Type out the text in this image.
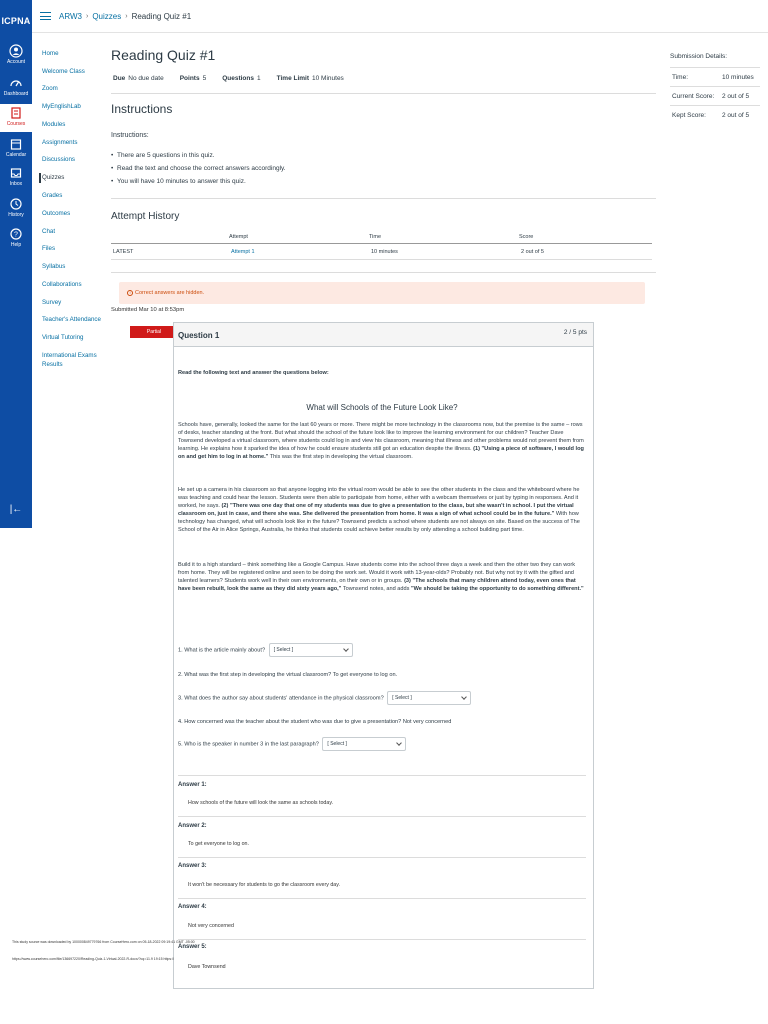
ICPNA
Account
Dashboard
Courses
Calendar
Inbox
History
?
Help
|←
ARW3 › Quizzes › Reading Quiz #1
Home
Welcome Class
Zoom
MyEnglishLab
Modules
Assignments
Discussions
Quizzes
Grades
Outcomes
Chat
Files
Syllabus
Collaborations
Survey
Teacher's Attendance
Virtual Tutoring
International Exams
Results
Reading Quiz #1
Due No due date Points 5 Questions 1 Time Limit 10 Minutes
Instructions
Instructions:
• There are 5 questions in this quiz.
• Read the text and choose the correct answers accordingly.
• You will have 10 minutes to answer this quiz.
Attempt History
	Attempt	Time	Score
LATEST	Attempt 1	10 minutes	2 out of 5
! Correct answers are hidden.
Submitted Mar 10 at 8:53pm
Partial	Question 1	2 / 5 pts
Read the following text and answer the questions below:
What will Schools of the Future Look Like?
Schools have, generally, looked the same for the last 60 years or more. There might be more technology in the classrooms now, but the premise is the same – rows of desks, teacher standing at the front. But what should the school of the future look like to improve the learning environment for our children? Teacher Dave Townsend developed a virtual classroom, where students could log in and view his classroom, meaning that illness and other problems would not prevent them from learning. He explains how it sparked the idea of how he could ensure students still got an education despite the illness. (1) "Using a piece of software, I would log on and get him to log in at home." This was the first step in developing the virtual classroom.
He set up a camera in his classroom so that anyone logging into the virtual room would be able to see the other students in the class and the whiteboard where he was teaching and could hear the lesson. Students were then able to participate from home, either with a webcam themselves or just by typing in responses. And it worked, he says. (2) "There was one day that one of my students was due to give a presentation to the class, but she wasn't in school. I put the virtual classroom on, just in case, and there she was. She delivered the presentation from home. It was a sign of what school could be in the future." With how technology has changed, what will schools look like in the future? Townsend predicts a school where students are not always on site. Based on the success of The School of the Air in Alice Springs, Australia, he thinks that students could achieve better results by only attending a school building part time.
Build it to a high standard – think something like a Google Campus. Have students come into the school three days a week and then the other two they can work from home. They will be registered online and seen to be doing the work set. Would it work with 13-year-olds? Probably not. But why not try it with the gifted and talented learners? Students work well in their own environments, on their own or in groups. (3) "The schools that many children attend today, even ones that have been rebuilt, look the same as they did sixty years ago," Townsend notes, and adds "We should be taking the opportunity to do something different."
1. What is the article mainly about? [ Select ]
2. What was the first step in developing the virtual classroom? To get everyone to log on.
3. What does the author say about students' attendance in the physical classroom? [ Select ]
4. How concerned was the teacher about the student who was due to give a presentation? Not very concerned
5. Who is the speaker in number 3 in the last paragraph? [ Select ]
Answer 1:
How schools of the future will look the same as schools today.
Answer 2:
To get everyone to log on.
Answer 3:
It won't be necessary for students to go the classroom every day.
Answer 4:
Not very concerned
Answer 5:
Dave Townsend
Submission Details:
Time:	10 minutes
Current Score: 2 out of 5
Kept Score: 2 out of 5
This study source was downloaded by 100000849779766 from CourseHero.com on 05-18-2022 09:19:41 GMT -05:00
https://www.coursehero.com/file/136697220/Reading-Quiz-1-Virtual-2022-R-docx/?cq=11.9 19:15 https://
